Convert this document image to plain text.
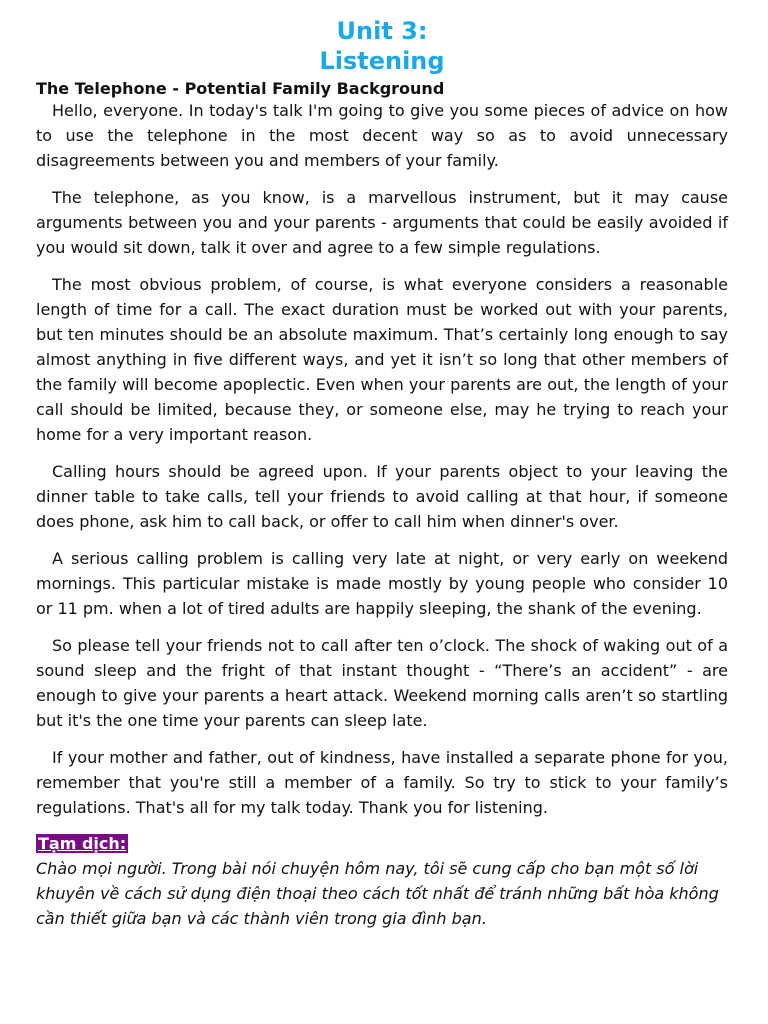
Unit 3:
Listening
The Telephone - Potential Family Background

Hello, everyone. In today's talk I'm going to give you some pieces of advice on how to use the telephone in the most decent way so as to avoid unnecessary disagreements between you and members of your family.

The telephone, as you know, is a marvellous instrument, but it may cause arguments between you and your parents - arguments that could be easily avoided if you would sit down, talk it over and agree to a few simple regulations.

The most obvious problem, of course, is what everyone considers a reasonable length of time for a call. The exact duration must be worked out with your parents, but ten minutes should be an absolute maximum. That’s certainly long enough to say almost anything in five different ways, and yet it isn’t so long that other members of the family will become apoplectic. Even when your parents are out, the length of your call should be limited, because they, or someone else, may he trying to reach your home for a very important reason.

Calling hours should be agreed upon. If your parents object to your leaving the dinner table to take calls, tell your friends to avoid calling at that hour, if someone does phone, ask him to call back, or offer to call him when dinner's over.

A serious calling problem is calling very late at night, or very early on weekend mornings. This particular mistake is made mostly by young people who consider 10 or 11 pm. when a lot of tired adults are happily sleeping, the shank of the evening.

So please tell your friends not to call after ten o’clock. The shock of waking out of a sound sleep and the fright of that instant thought - “There’s an accident” - are enough to give your parents a heart attack. Weekend morning calls aren’t so startling but it's the one time your parents can sleep late.

If your mother and father, out of kindness, have installed a separate phone for you, remember that you're still a member of a family. So try to stick to your family’s regulations. That's all for my talk today. Thank you for listening.

Tạm dịch:

Chào mọi người. Trong bài nói chuyện hôm nay, tôi sẽ cung cấp cho bạn một số lời khuyên về cách sử dụng điện thoại theo cách tốt nhất để tránh những bất hòa không cần thiết giữa bạn và các thành viên trong gia đình bạn.
